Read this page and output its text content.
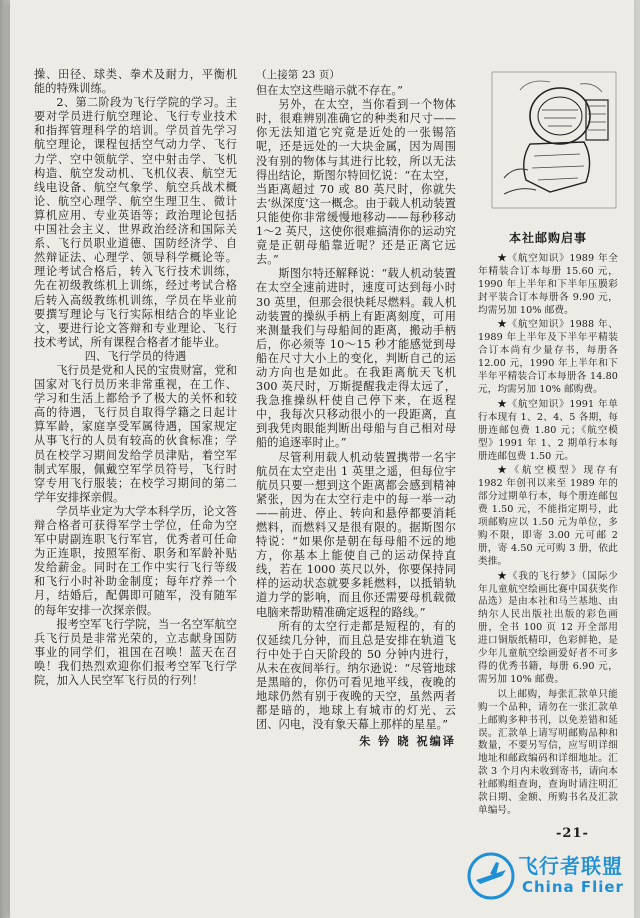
操、田径、球类、拳术及耐力，平衡机能的特殊训练。

2、第二阶段为飞行学院的学习。主要对学员进行航空理论、飞行专业技术和指挥管理科学的培训。学员首先学习航空理论，课程包括空气动力学、飞行力学、空中领航学、空中射击学、飞机构造、航空发动机、飞机仪表、航空无线电设备、航空气象学、航空兵战术概论、航空心理学、航空生理卫生、微计算机应用、专业英语等；政治理论包括中国社会主义、世界政治经济和国际关系、飞行员职业道德、国防经济学、自然辩证法、心理学、领导科学概论等。理论考试合格后，转入飞行技术训练，先在初级教练机上训练，经过考试合格后转入高级教练机训练，学员在毕业前要撰写理论与飞行实际相结合的毕业论文，要进行论文答辩和专业理论、飞行技术考试，所有课程合格者才能毕业。

四、飞行学员的待遇

飞行员是党和人民的宝贵财富，党和国家对飞行员历来非常重视，在工作、学习和生活上都给予了极大的关怀和较高的待遇，飞行员自取得学籍之日起计算军龄，家庭享受军属待遇，国家规定从事飞行的人员有较高的伙食标准；学员在校学习期间发给学员津贴，着空军制式军服，佩戴空军学员符号，飞行时穿专用飞行服装；在校学习期间的第二学年安排探亲假。

学员毕业定为大学本科学历，论文答辩合格者可获得军学士学位，任命为空军中尉副连职飞行军官，优秀者可任命为正连职，按照军衔、职务和军龄补贴发给薪金。同时在工作中实行飞行等级和飞行小时补助金制度；每年疗养一个月，结婚后，配偶即可随军，没有随军的每年安排一次探亲假。

报考空军飞行学院，当一名空军航空兵飞行员是非常光荣的，立志献身国防事业的同学们，祖国在召唤！蓝天在召唤！我们热烈欢迎你们报考空军飞行学院，加入人民空军飞行员的行列！

（上接第 23 页）

但在太空这些暗示就不存在。”

另外，在太空，当你看到一个物体时，很难辨别准确它的种类和尺寸——你无法知道它究竟是近处的一张锡箔呢，还是远处的一大块金属，因为周围没有别的物体与其进行比较，所以无法得出结论，斯图尔特回忆说：“在太空，当距离超过 70 或 80 英尺时，你就失去‘纵深度’这一概念。由于载人机动装置只能使你非常缓慢地移动——每秒移动 1～2 英尺，这使你很难搞清你的运动究竟是正朝母船靠近呢？还是正离它远去。”

斯图尔特还解释说：“载人机动装置在太空全速前进时，速度可达到每小时 30 英里，但那会很快耗尽燃料。载人机动装置的操纵手柄上有距离刻度，可用来测量我们与母船间的距离，搬动手柄后，你必须等 10～15 秒才能感觉到母船在尺寸大小上的变化，判断自己的运动方向也是如此。在我距离航天飞机 300 英尺时，万斯提醒我走得太远了，我急推操纵杆使自己停下来，在返程中，我每次只移动很小的一段距离，直到我凭肉眼能判断出母船与自己相对母船的追逐率时止。”

尽管利用载人机动装置携带一名宇航员在太空走出 1 英里之遥，但每位宇航员只要一想到这个距离都会感到精神紧张，因为在太空行走中的每一举一动——前进、停止、转向和悬停都要消耗燃料，而燃料又是很有限的。据斯图尔特说：“如果你是朝在每母船不远的地方，你基本上能使自己的运动保持直线，若在 1000 英尺以外，你要保持同样的运动状态就要多耗燃料，以抵销轨道力学的影响，而且你还需要母机载微电脑来帮助精准确定返程的路线。”

所有的太空行走都是短程的，有的仅延续几分钟，而且总是安排在轨道飞行中处于白天阶段的 50 分钟内进行，从未在夜间举行。纳尔逊说：“尽管地球是黑暗的，你仍可看见地平线，夜晚的地球仍然有别于夜晚的天空，虽然两者都是暗的，地球上有城市的灯光、云团、闪电，没有象天幕上那样的星星。”

朱 钤 晓 祝编译

本社邮购启事

★《航空知识》1989 年全年精装合订本每册 15.60 元，1990 年上半年和下半年压膜彩封平装合订本每册各 9.90 元，均需另加 10% 邮费。

★《航空知识》1988 年、1989 年上半年及下半年平精装合订本尚有少量存书，每册各 12.00 元，1990 年上半年和下半年平精装合订本每册各 14.80 元，均需另加 10% 邮购费。

★《航空知识》1991 年单行本现有 1、2、4、5 各期，每册连邮包费 1.80 元；《航空模型》1991 年 1、2 期单行本每册连邮包费 1.50 元。

★《航空模型》现存有 1982 年创刊以来至 1989 年的部分过期单行本，每个册连邮包费 1.50 元，不能指定期号，此项邮购应以 1.50 元为单位，多购不限，即寄 3.00 元可邮 2 册，寄 4.50 元可购 3 册，依此类推。

★《我的飞行梦》（国际少年儿童航空绘画比赛中国获奖作品选）是由本社和马兰基地、由纳尔人民出版社出版的彩色画册，全书 100 页 12 开全部用进口铜版纸精印，色彩鲜艳，是少年儿童航空绘画爱好者不可多得的优秀书籍，每册 6.90 元，需另加 10% 邮费。

以上邮购，每张汇款单只能购一个品种，请勿在一张汇款单上邮购多种书刊，以免差错和延误。汇款单上请写明邮购品种和数量，不要另写信，应写明详细地址和邮政编码和详细地址。汇款 3 个月内未收到寄书，请向本社邮购组查询，查询时请注明汇款日期、金额、所购书名及汇款单编号。

-21-
飞行者联盟
China Flier
